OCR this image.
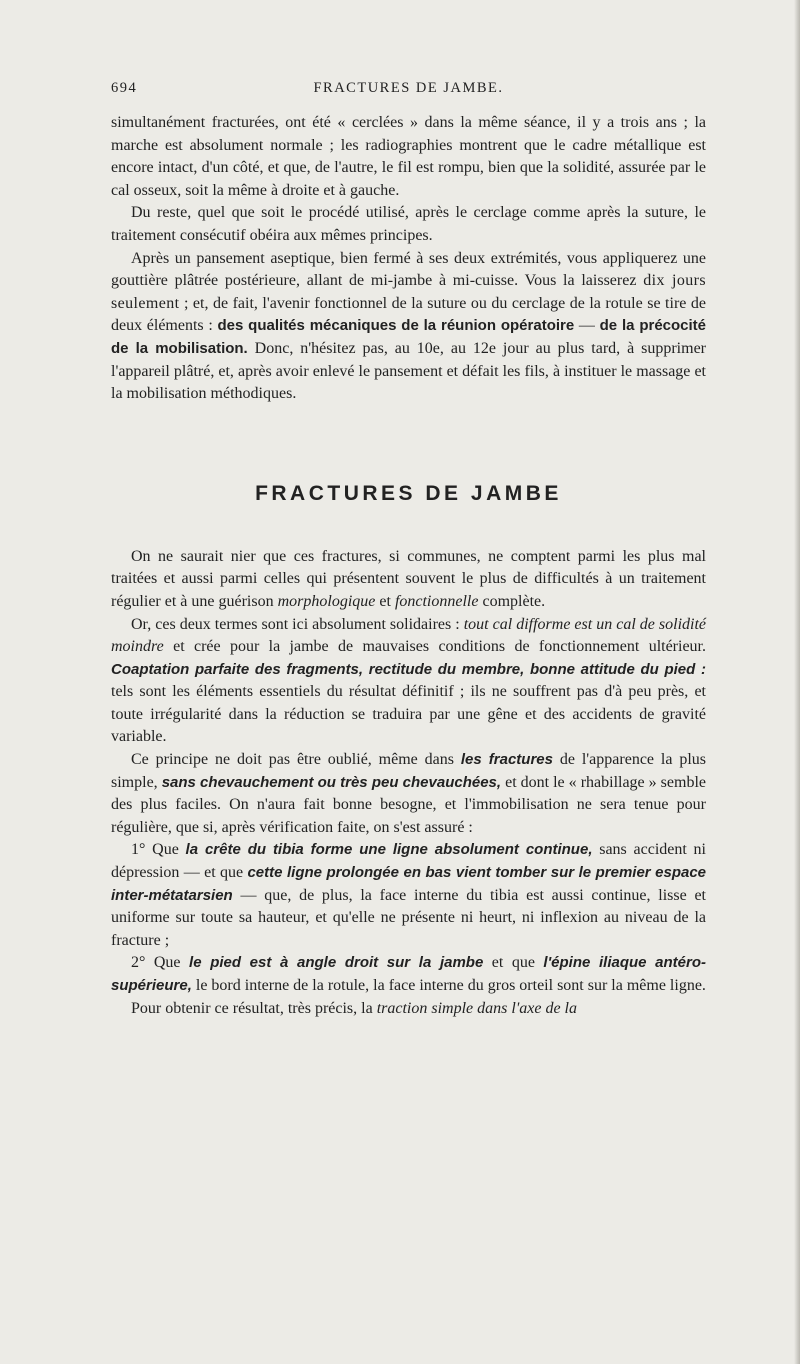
694	FRACTURES DE JAMBE.

simultanément fracturées, ont été « cerclées » dans la même séance, il y a trois ans ; la marche est absolument normale ; les radiographies montrent que le cadre métallique est encore intact, d'un côté, et que, de l'autre, le fil est rompu, bien que la solidité, assurée par le cal osseux, soit la même à droite et à gauche.

Du reste, quel que soit le procédé utilisé, après le cerclage comme après la suture, le traitement consécutif obéira aux mêmes principes.

Après un pansement aseptique, bien fermé à ses deux extrémités, vous appliquerez une gouttière plâtrée postérieure, allant de mi-jambe à mi-cuisse. Vous la laisserez dix jours seulement ; et, de fait, l'avenir fonctionnel de la suture ou du cerclage de la rotule se tire de deux éléments : des qualités mécaniques de la réunion opératoire — de la précocité de la mobilisation. Donc, n'hésitez pas, au 10e, au 12e jour au plus tard, à supprimer l'appareil plâtré, et, après avoir enlevé le pansement et défait les fils, à instituer le massage et la mobilisation méthodiques.

FRACTURES DE JAMBE

On ne saurait nier que ces fractures, si communes, ne comptent parmi les plus mal traitées et aussi parmi celles qui présentent souvent le plus de difficultés à un traitement régulier et à une guérison morphologique et fonctionnelle complète.

Or, ces deux termes sont ici absolument solidaires : tout cal difforme est un cal de solidité moindre et crée pour la jambe de mauvaises conditions de fonctionnement ultérieur. Coaptation parfaite des fragments, rectitude du membre, bonne attitude du pied : tels sont les éléments essentiels du résultat définitif ; ils ne souffrent pas d'à peu près, et toute irrégularité dans la réduction se traduira par une gêne et des accidents de gravité variable.

Ce principe ne doit pas être oublié, même dans les fractures de l'apparence la plus simple, sans chevauchement ou très peu chevauchées, et dont le « rhabillage » semble des plus faciles. On n'aura fait bonne besogne, et l'immobilisation ne sera tenue pour régulière, que si, après vérification faite, on s'est assuré :

1° Que la crête du tibia forme une ligne absolument continue, sans accident ni dépression — et que cette ligne prolongée en bas vient tomber sur le premier espace inter-métatarsien — que, de plus, la face interne du tibia est aussi continue, lisse et uniforme sur toute sa hauteur, et qu'elle ne présente ni heurt, ni inflexion au niveau de la fracture ;

2° Que le pied est à angle droit sur la jambe et que l'épine iliaque antéro-supérieure, le bord interne de la rotule, la face interne du gros orteil sont sur la même ligne.

Pour obtenir ce résultat, très précis, la traction simple dans l'axe de la
